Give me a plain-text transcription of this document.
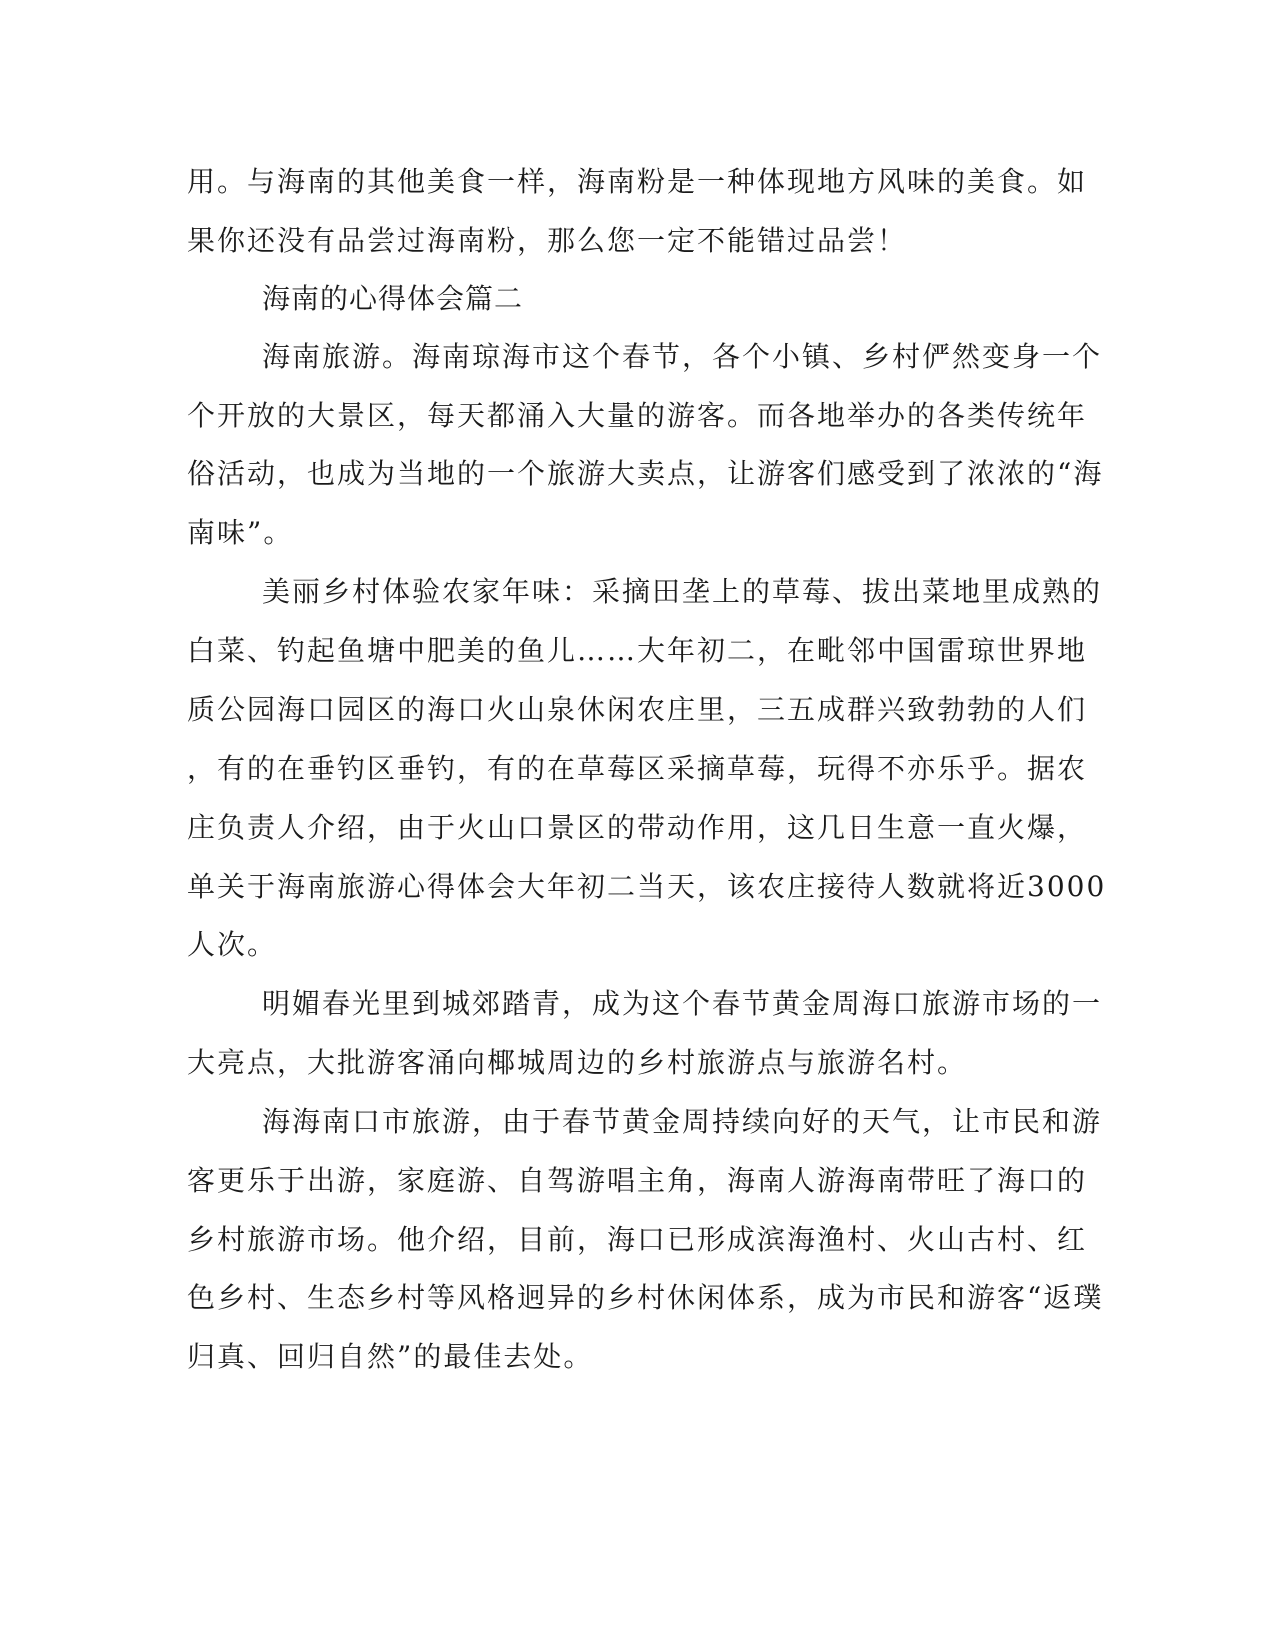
用。与海南的其他美食一样，海南粉是一种体现地方风味的美食。如
果你还没有品尝过海南粉，那么您一定不能错过品尝！
海南的心得体会篇二
海南旅游。海南琼海市这个春节，各个小镇、乡村俨然变身一个
个开放的大景区，每天都涌入大量的游客。而各地举办的各类传统年
俗活动，也成为当地的一个旅游大卖点，让游客们感受到了浓浓的“海
南味”。
美丽乡村体验农家年味：采摘田垄上的草莓、拔出菜地里成熟的
白菜、钓起鱼塘中肥美的鱼儿……大年初二，在毗邻中国雷琼世界地
质公园海口园区的海口火山泉休闲农庄里，三五成群兴致勃勃的人们
，有的在垂钓区垂钓，有的在草莓区采摘草莓，玩得不亦乐乎。据农
庄负责人介绍，由于火山口景区的带动作用，这几日生意一直火爆，
单关于海南旅游心得体会大年初二当天，该农庄接待人数就将近3000
人次。
明媚春光里到城郊踏青，成为这个春节黄金周海口旅游市场的一
大亮点，大批游客涌向椰城周边的乡村旅游点与旅游名村。
海海南口市旅游，由于春节黄金周持续向好的天气，让市民和游
客更乐于出游，家庭游、自驾游唱主角，海南人游海南带旺了海口的
乡村旅游市场。他介绍，目前，海口已形成滨海渔村、火山古村、红
色乡村、生态乡村等风格迥异的乡村休闲体系，成为市民和游客“返璞
归真、回归自然”的最佳去处。
